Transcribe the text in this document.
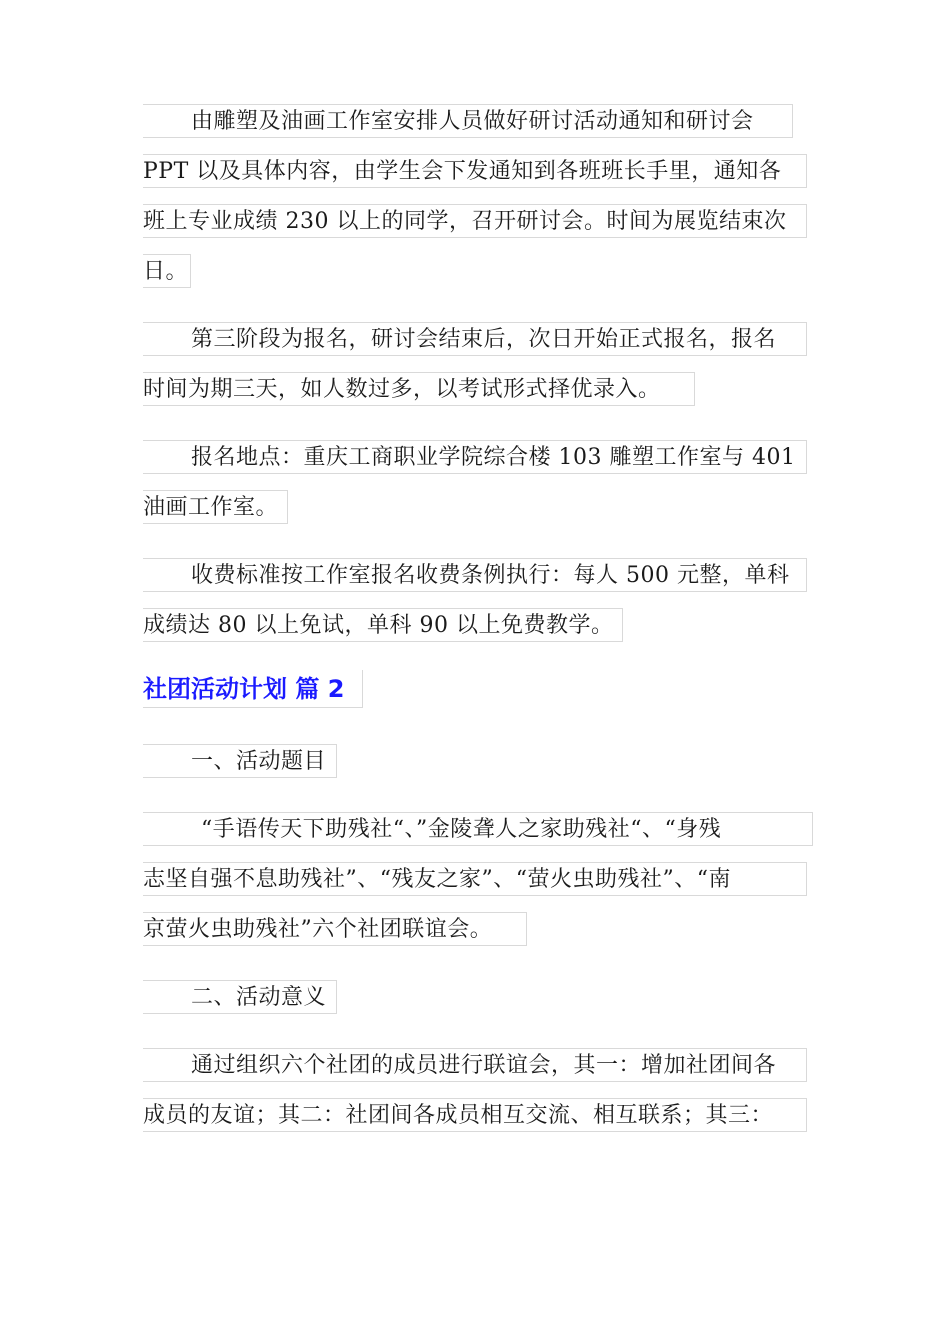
由雕塑及油画工作室安排人员做好研讨活动通知和研讨会
PPT 以及具体内容，由学生会下发通知到各班班长手里，通知各
班上专业成绩 230 以上的同学，召开研讨会。时间为展览结束次
日。
第三阶段为报名，研讨会结束后，次日开始正式报名，报名
时间为期三天，如人数过多，以考试形式择优录入。
报名地点：重庆工商职业学院综合楼 103 雕塑工作室与 401
油画工作室。
收费标准按工作室报名收费条例执行：每人 500 元整，单科
成绩达 80 以上免试，单科 90 以上免费教学。
社团活动计划 篇 2
一、活动题目
“手语传天下助残社“、”金陵聋人之家助残社“、“身残
志坚自强不息助残社”、“残友之家”、“萤火虫助残社”、“南
京萤火虫助残社”六个社团联谊会。
二、活动意义
通过组织六个社团的成员进行联谊会，其一：增加社团间各
成员的友谊；其二：社团间各成员相互交流、相互联系；其三：
